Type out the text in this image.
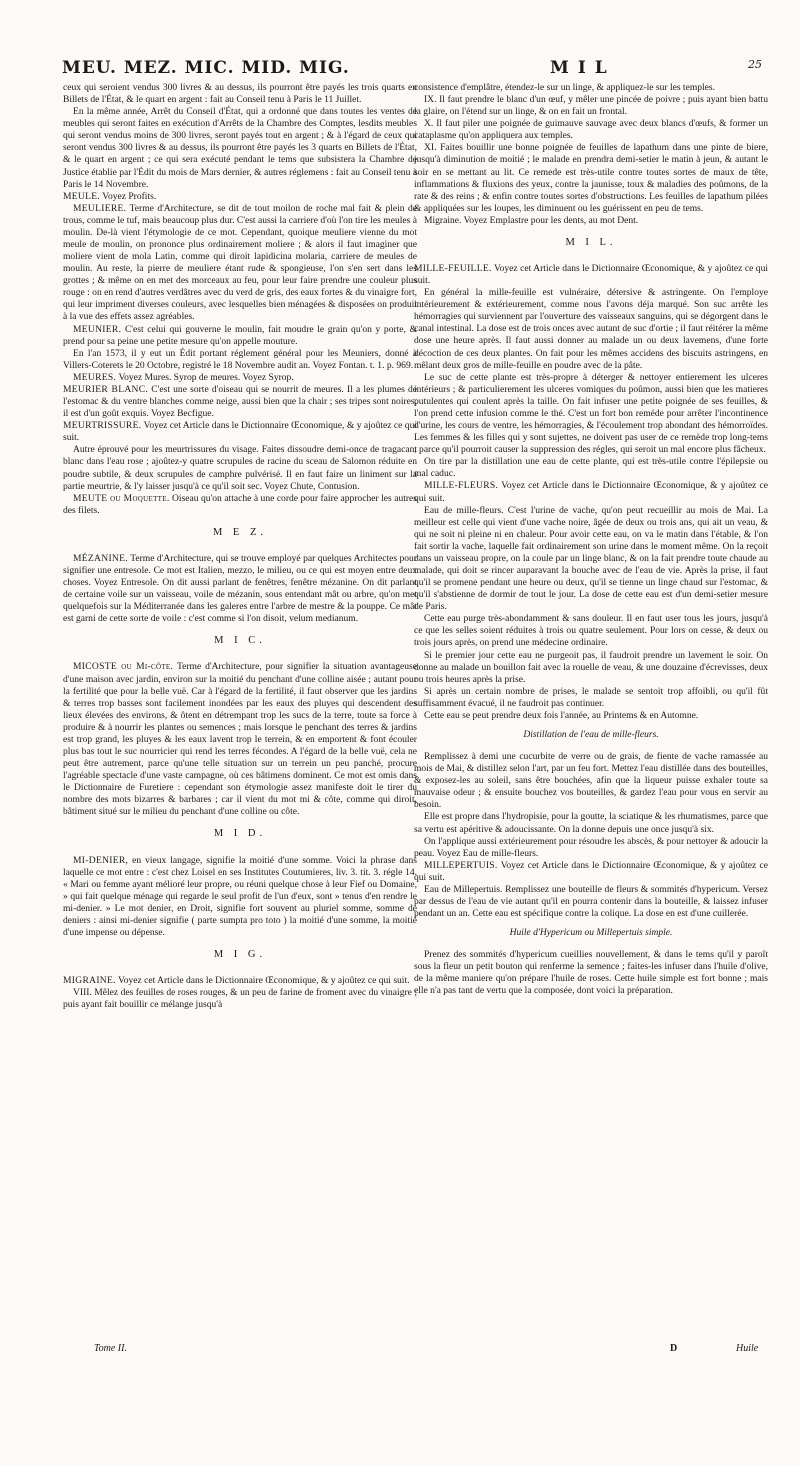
MEU. MEZ. MIC. MID. MIG.	MIL	25

ceux qui seroient vendus 300 livres & au dessus, ils pourront être payés les trois quarts en Billets de l'État, & le quart en argent : fait au Conseil tenu à Paris le 11 Juillet.

En la même année, Arrêt du Conseil d'État, qui a ordonné que dans toutes les ventes de meubles qui seront faites en exécution d'Arrêts de la Chambre des Comptes, lesdits meubles qui seront vendus moins de 300 livres, seront payés tout en argent ; & à l'égard de ceux qui seront vendus 300 livres & au dessus, ils pourront être payés les 3 quarts en Billets de l'État, & le quart en argent ; ce qui sera exécuté pendant le tems que subsistera la Chambre de Justice établie par l'Édit du mois de Mars dernier, & autres réglemens : fait au Conseil tenu à Paris le 14 Novembre.

MEULE. Voyez Profits.

MEULIERE. Terme d'Architecture, se dit de tout moilon de roche mal fait & plein de trous, comme le tuf, mais beaucoup plus dur. C'est aussi la carriere d'où l'on tire les meules à moulin. De-là vient l'étymologie de ce mot. Cependant, quoique meuliere vienne du mot meule de moulin, on prononce plus ordinairement moliere ; & alors il faut imaginer que moliere vient de mola Latin, comme qui diroit lapidicina molaria, carriere de meules de moulin. Au reste, la pierre de meuliere étant rude & spongieuse, l'on s'en sert dans les grottes ; & même on en met des morceaux au feu, pour leur faire prendre une couleur plus rouge : on en rend d'autres verdâtres avec du verd de gris, des eaux fortes & du vinaigre fort, qui leur impriment diverses couleurs, avec lesquelles bien ménagées & disposées on produit à la vue des effets assez agréables.

MEUNIER. C'est celui qui gouverne le moulin, fait moudre le grain qu'on y porte, & prend pour sa peine une petite mesure qu'on appelle mouture.

En l'an 1573, il y eut un Édit portant réglement général pour les Meuniers, donné à Villers-Coterets le 20 Octobre, registré le 18 Novembre audit an. Voyez Fontan. t. 1. p. 969.

MEURES. Voyez Mures. Syrop de meures. Voyez Syrop.

MEURIER BLANC. C'est une sorte d'oiseau qui se nourrit de meures. Il a les plumes de l'estomac & du ventre blanches comme neige, aussi bien que la chair ; ses tripes sont noires, il est d'un goût exquis. Voyez Becfigue.

MEURTRISSURE. Voyez cet Article dans le Dictionnaire Œconomique, & y ajoûtez ce qui suit.

Autre éprouvé pour les meurtrissures du visage. Faites dissoudre demi-once de tragacant blanc dans l'eau rose ; ajoûtez-y quatre scrupules de racine du sceau de Salomon réduite en poudre subtile, & deux scrupules de camphre pulvérisé. Il en faut faire un liniment sur la partie meurtrie, & l'y laisser jusqu'à ce qu'il soit sec. Voyez Chute, Contusion.

MEUTE ou Moquette. Oiseau qu'on attache à une corde pour faire approcher les autres des filets.

M E Z.

MÉZANINE. Terme d'Architecture, qui se trouve employé par quelques Architectes pour signifier une entresole. Ce mot est Italien, mezzo, le milieu, ou ce qui est moyen entre deux choses. Voyez Entresole. On dit aussi parlant de fenêtres, fenêtre mézanine. On dit parlant de certaine voile sur un vaisseau, voile de mézanin, sous entendant mât ou arbre, qu'on met quelquefois sur la Méditerranée dans les galeres entre l'arbre de mestre & la pouppe. Ce mât est garni de cette sorte de voile : c'est comme si l'on disoit, velum medianum.

M I C.

MICOSTE ou Mi-côte. Terme d'Architecture, pour signifier la situation avantageuse d'une maison avec jardin, environ sur la moitié du penchant d'une colline aisée ; autant pour la fertilité que pour la belle vuë. Car à l'égard de la fertilité, il faut observer que les jardins & terres trop basses sont facilement inondées par les eaux des pluyes qui descendent des lieux élevées des environs, & ôtent en détrempant trop les sucs de la terre, toute sa force à produire & à nourrir les plantes ou semences ; mais lorsque le penchant des terres & jardins est trop grand, les pluyes & les eaux lavent trop le terrein, & en emportent & font écouler plus bas tout le suc nourricier qui rend les terres fécondes. A l'égard de la belle vuë, cela ne peut être autrement, parce qu'une telle situation sur un terrein un peu panché, procure l'agréable spectacle d'une vaste campagne, où ces bâtimens dominent. Ce mot est omis dans le Dictionnaire de Furetiere : cependant son étymologie assez manifeste doit le tirer du nombre des mots bizarres & barbares ; car il vient du mot mi & côte, comme qui diroit, bâtiment situé sur le milieu du penchant d'une colline ou côte.

M I D.

MI-DENIER, en vieux langage, signifie la moitié d'une somme. Voici la phrase dans laquelle ce mot entre : c'est chez Loisel en ses Institutes Coutumieres, liv. 3. tit. 3. régle 14. « Mari ou femme ayant mélioré leur propre, ou réuni quelque chose à leur Fief ou Domaine, » qui fait quelque ménage qui regarde le seul profit de l'un d'eux, sont » tenus d'en rendre le mi-denier. » Le mot denier, en Droit, signifie fort souvent au pluriel somme, somme de deniers : ainsi mi-denier signifie ( parte sumpta pro toto ) la moitié d'une somme, la moitié d'une impense ou dépense.

M I G.

MIGRAINE. Voyez cet Article dans le Dictionnaire Œconomique, & y ajoûtez ce qui suit.

VIII. Mêlez des feuilles de roses rouges, & un peu de farine de froment avec du vinaigre ; puis ayant fait bouillir ce mélange jusqu'à

consistence d'emplâtre, étendez-le sur un linge, & appliquez-le sur les temples.

IX. Il faut prendre le blanc d'un œuf, y mêler une pincée de poivre ; puis ayant bien battu la glaire, on l'étend sur un linge, & on en fait un frontal.

X. Il faut piler une poignée de guimauve sauvage avec deux blancs d'œufs, & former un cataplasme qu'on appliquera aux temples.

XI. Faites bouillir une bonne poignée de feuilles de lapathum dans une pinte de biere, jusqu'à diminution de moitié ; le malade en prendra demi-setier le matin à jeun, & autant le soir en se mettant au lit. Ce remede est très-utile contre toutes sortes de maux de tête, inflammations & fluxions des yeux, contre la jaunisse, toux & maladies des poûmons, de la rate & des reins ; & enfin contre toutes sortes d'obstructions. Les feuilles de lapathum pilées & appliquées sur les loupes, les diminuent ou les guérissent en peu de tems.

Migraine. Voyez Emplastre pour les dents, au mot Dent.

M I L.

MILLE-FEUILLE. Voyez cet Article dans le Dictionnaire Œconomique, & y ajoûtez ce qui suit.

En général la mille-feuille est vulnéraire, détersive & astringente. On l'employe intérieurement & extérieurement, comme nous l'avons déja marqué. Son suc arrête les hémorragies qui surviennent par l'ouverture des vaisseaux sanguins, qui se dégorgent dans le canal intestinal. La dose est de trois onces avec autant de suc d'ortie ; il faut réitérer la même dose une heure après. Il faut aussi donner au malade un ou deux lavemens, d'une forte décoction de ces deux plantes. On fait pour les mêmes accidens des biscuits astringens, en mêlant deux gros de mille-feuille en poudre avec de la pâte.

Le suc de cette plante est très-propre à déterger & nettoyer entierement les ulceres intérieurs ; & particulierement les ulceres vomiques du poûmon, aussi bien que les matieres putulentes qui coulent après la taille. On fait infuser une petite poignée de ses feuilles, & l'on prend cette infusion comme le thé. C'est un fort bon reméde pour arrêter l'incontinence d'urine, les cours de ventre, les hémorragies, & l'écoulement trop abondant des hémorroïdes. Les femmes & les filles qui y sont sujettes, ne doivent pas user de ce remède trop long-tems ; parce qu'il pourroit causer la suppression des régles, qui seroit un mal encore plus fâcheux.

On tire par la distillation une eau de cette plante, qui est très-utile contre l'épilepsie ou mal caduc.

MILLE-FLEURS. Voyez cet Article dans le Dictionnaire Œconomique, & y ajoûtez ce qui suit.

Eau de mille-fleurs. C'est l'urine de vache, qu'on peut recueillir au mois de Mai. La meilleur est celle qui vient d'une vache noire, âgée de deux ou trois ans, qui ait un veau, & qui ne soit ni pleine ni en chaleur. Pour avoir cette eau, on va le matin dans l'étable, & l'on fait sortir la vache, laquelle fait ordinairement son urine dans le moment même. On la reçoit dans un vaisseau propre, on la coule par un linge blanc, & on la fait prendre toute chaude au malade, qui doit se rincer auparavant la bouche avec de l'eau de vie. Après la prise, il faut qu'il se promene pendant une heure ou deux, qu'il se tienne un linge chaud sur l'estomac, & qu'il s'abstienne de dormir de tout le jour. La dose de cette eau est d'un demi-setier mesure de Paris.

Cette eau purge très-abondamment & sans douleur. Il en faut user tous les jours, jusqu'à ce que les selles soient réduites à trois ou quatre seulement. Pour lors on cesse, & deux ou trois jours après, on prend une médecine ordinaire.

Si le premier jour cette eau ne purgeoit pas, il faudroit prendre un lavement le soir. On donne au malade un bouillon fait avec la rouelle de veau, & une douzaine d'écrevisses, deux ou trois heures après la prise.

Si après un certain nombre de prises, le malade se sentoit trop affoibli, ou qu'il fût suffisamment évacué, il ne faudroit pas continuer.

Cette eau se peut prendre deux fois l'année, au Printems & en Automne.

Distillation de l'eau de mille-fleurs.

Remplissez à demi une cucurbite de verre ou de grais, de fiente de vache ramassée au mois de Mai, & distillez selon l'art, par un feu fort. Mettez l'eau distillée dans des bouteilles, & exposez-les au soleil, sans être bouchées, afin que la liqueur puisse exhaler toute sa mauvaise odeur ; & ensuite bouchez vos bouteilles, & gardez l'eau pour vous en servir au besoin.

Elle est propre dans l'hydropisie, pour la goutte, la sciatique & les rhumatismes, parce que sa vertu est apéritive & adoucissante. On la donne depuis une once jusqu'à six.

On l'applique aussi extérieurement pour résoudre les abscès, & pour nettoyer & adoucir la peau. Voyez Eau de mille-fleurs.

MILLEPERTUIS. Voyez cet Article dans le Dictionnaire Œconomique, & y ajoûtez ce qui suit.

Eau de Millepertuis. Remplissez une bouteille de fleurs & sommités d'hypericum. Versez par dessus de l'eau de vie autant qu'il en pourra contenir dans la bouteille, & laissez infuser pendant un an. Cette eau est spécifique contre la colique. La dose en est d'une cuillerée.

Huile d'Hypericum ou Millepertuis simple.

Prenez des sommités d'hypericum cueillies nouvellement, & dans le tems qu'il y paroît sous la fleur un petit bouton qui renferme la semence ; faites-les infuser dans l'huile d'olive, de la même maniere qu'on prépare l'huile de roses. Cette huile simple est fort bonne ; mais elle n'a pas tant de vertu que la composée, dont voici la préparation.

Tome II.	D	Huile
